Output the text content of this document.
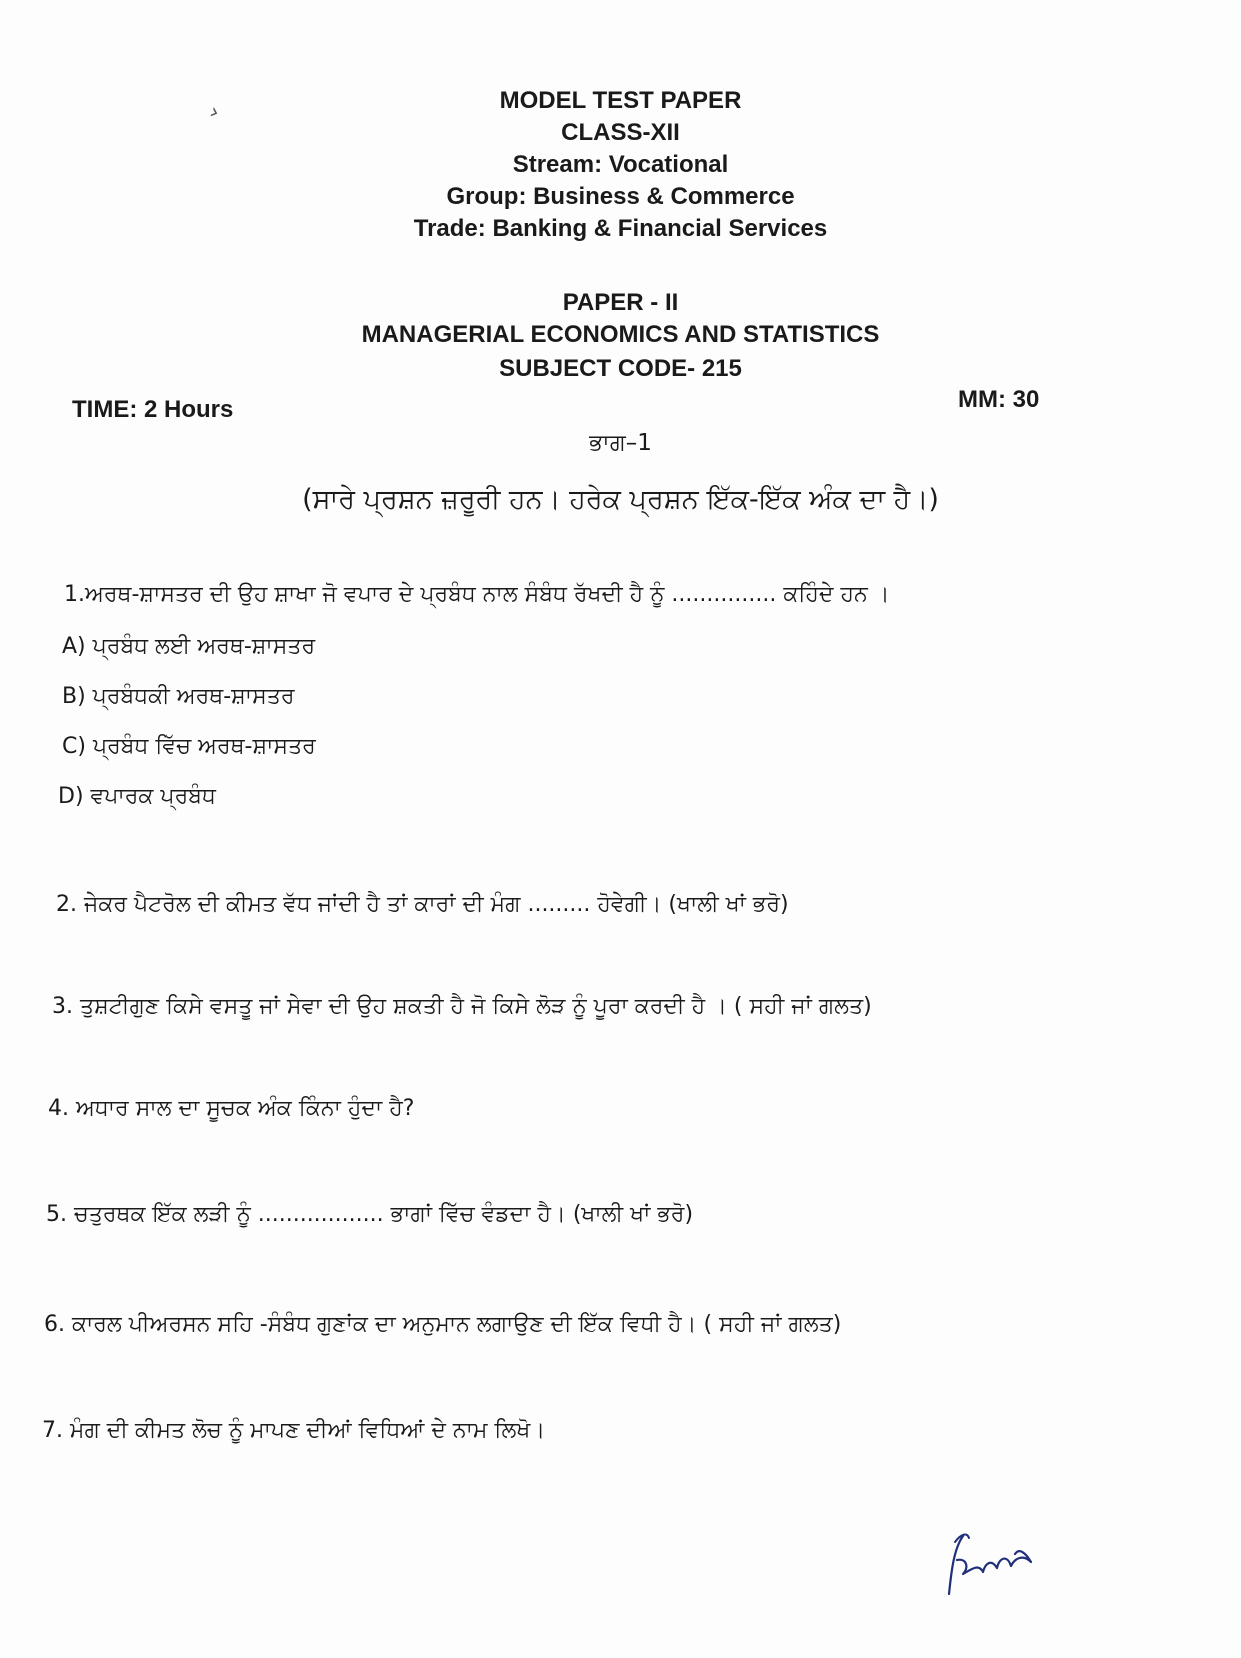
›	MODEL TEST PAPER
CLASS-XII
Stream: Vocational
Group: Business & Commerce
Trade: Banking & Financial Services
PAPER - II
MANAGERIAL ECONOMICS AND STATISTICS
SUBJECT CODE- 215
TIME: 2 Hours	MM: 30
ਭਾਗ–1
(ਸਾਰੇ ਪ੍ਰਸ਼ਨ ਜ਼ਰੂਰੀ ਹਨ। ਹਰੇਕ ਪ੍ਰਸ਼ਨ ਇੱਕ-ਇੱਕ ਅੰਕ ਦਾ ਹੈ।)
1.ਅਰਥ-ਸ਼ਾਸਤਰ ਦੀ ਉਹ ਸ਼ਾਖਾ ਜੋ ਵਪਾਰ ਦੇ ਪ੍ਰਬੰਧ ਨਾਲ ਸੰਬੰਧ ਰੱਖਦੀ ਹੈ ਨੂੰ ............... ਕਹਿੰਦੇ ਹਨ ।
A) ਪ੍ਰਬੰਧ ਲਈ ਅਰਥ-ਸ਼ਾਸਤਰ
B) ਪ੍ਰਬੰਧਕੀ ਅਰਥ-ਸ਼ਾਸਤਰ
C) ਪ੍ਰਬੰਧ ਵਿੱਚ ਅਰਥ-ਸ਼ਾਸਤਰ
D) ਵਪਾਰਕ ਪ੍ਰਬੰਧ
2. ਜੇਕਰ ਪੈਟਰੋਲ ਦੀ ਕੀਮਤ ਵੱਧ ਜਾਂਦੀ ਹੈ ਤਾਂ ਕਾਰਾਂ ਦੀ ਮੰਗ ......... ਹੋਵੇਗੀ। (ਖਾਲੀ ਖਾਂ ਭਰੋ)
3. ਤੁਸ਼ਟੀਗੁਣ ਕਿਸੇ ਵਸਤੂ ਜਾਂ ਸੇਵਾ ਦੀ ਉਹ ਸ਼ਕਤੀ ਹੈ ਜੋ ਕਿਸੇ ਲੋੜ ਨੂੰ ਪੂਰਾ ਕਰਦੀ ਹੈ । ( ਸਹੀ ਜਾਂ ਗਲਤ)
4. ਅਧਾਰ ਸਾਲ ਦਾ ਸੂਚਕ ਅੰਕ ਕਿੰਨਾ ਹੁੰਦਾ ਹੈ?
5. ਚਤੁਰਥਕ ਇੱਕ ਲੜੀ ਨੂੰ .................. ਭਾਗਾਂ ਵਿੱਚ ਵੰਡਦਾ ਹੈ। (ਖਾਲੀ ਖਾਂ ਭਰੋ)
6. ਕਾਰਲ ਪੀਅਰਸਨ ਸਹਿ -ਸੰਬੰਧ ਗੁਣਾਂਕ ਦਾ ਅਨੁਮਾਨ ਲਗਾਉਣ ਦੀ ਇੱਕ ਵਿਧੀ ਹੈ। ( ਸਹੀ ਜਾਂ ਗਲਤ)
7. ਮੰਗ ਦੀ ਕੀਮਤ ਲੋਚ ਨੂੰ ਮਾਪਣ ਦੀਆਂ ਵਿਧਿਆਂ ਦੇ ਨਾਮ ਲਿਖੋ।
